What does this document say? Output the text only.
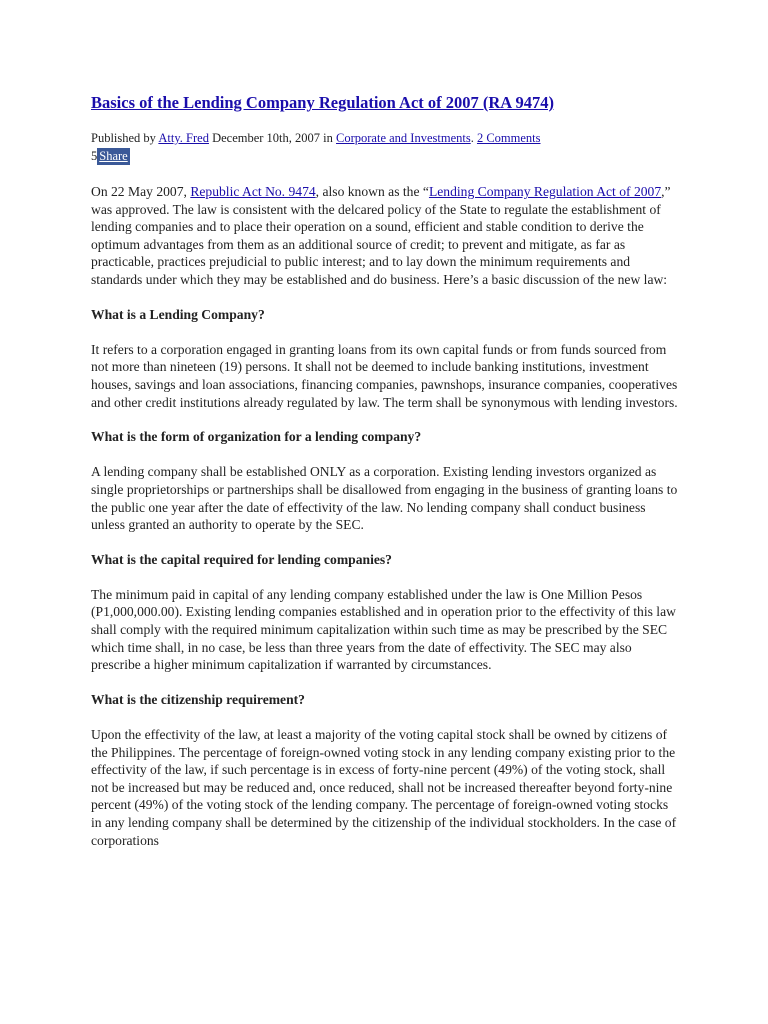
Basics of the Lending Company Regulation Act of 2007 (RA 9474)
Published by Atty. Fred December 10th, 2007 in Corporate and Investments. 2 Comments
5 Share

On 22 May 2007, Republic Act No. 9474, also known as the “Lending Company Regulation Act of 2007,” was approved. The law is consistent with the delcared policy of the State to regulate the establishment of lending companies and to place their operation on a sound, efficient and stable condition to derive the optimum advantages from them as an additional source of credit; to prevent and mitigate, as far as practicable, practices prejudicial to public interest; and to lay down the minimum requirements and standards under which they may be established and do business. Here’s a basic discussion of the new law:

What is a Lending Company?

It refers to a corporation engaged in granting loans from its own capital funds or from funds sourced from not more than nineteen (19) persons. It shall not be deemed to include banking institutions, investment houses, savings and loan associations, financing companies, pawnshops, insurance companies, cooperatives and other credit institutions already regulated by law. The term shall be synonymous with lending investors.

What is the form of organization for a lending company?

A lending company shall be established ONLY as a corporation. Existing lending investors organized as single proprietorships or partnerships shall be disallowed from engaging in the business of granting loans to the public one year after the date of effectivity of the law. No lending company shall conduct business unless granted an authority to operate by the SEC.

What is the capital required for lending companies?

The minimum paid in capital of any lending company established under the law is One Million Pesos (P1,000,000.00). Existing lending companies established and in operation prior to the effectivity of this law shall comply with the required minimum capitalization within such time as may be prescribed by the SEC which time shall, in no case, be less than three years from the date of effectivity. The SEC may also prescribe a higher minimum capitalization if warranted by circumstances.

What is the citizenship requirement?

Upon the effectivity of the law, at least a majority of the voting capital stock shall be owned by citizens of the Philippines. The percentage of foreign-owned voting stock in any lending company existing prior to the effectivity of the law, if such percentage is in excess of forty-nine percent (49%) of the voting stock, shall not be increased but may be reduced and, once reduced, shall not be increased thereafter beyond forty-nine percent (49%) of the voting stock of the lending company. The percentage of foreign-owned voting stocks in any lending company shall be determined by the citizenship of the individual stockholders. In the case of corporations
